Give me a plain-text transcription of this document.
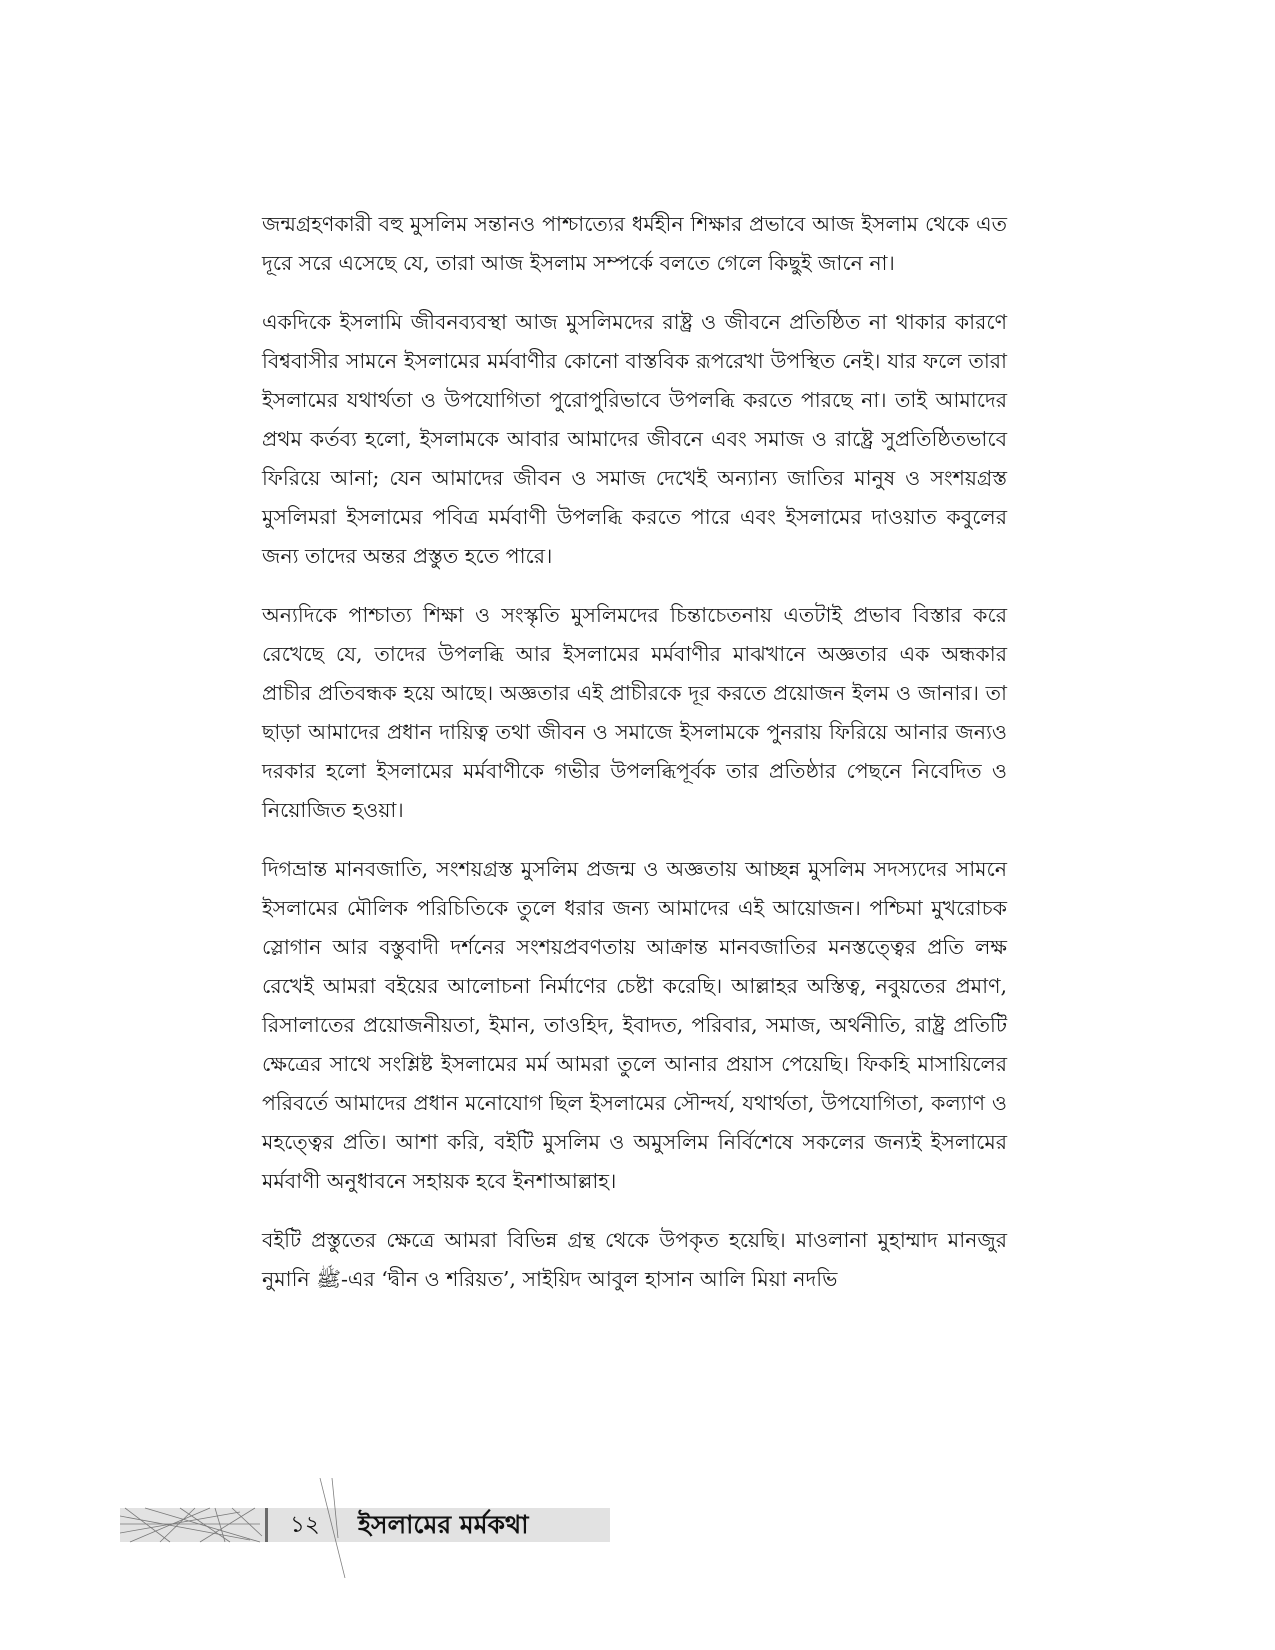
জন্মগ্রহণকারী বহু মুসলিম সন্তানও পাশ্চাত্যের ধর্মহীন শিক্ষার প্রভাবে আজ ইসলাম থেকে এত দূরে সরে এসেছে যে, তারা আজ ইসলাম সম্পর্কে বলতে গেলে কিছুই জানে না।

একদিকে ইসলামি জীবনব্যবস্থা আজ মুসলিমদের রাষ্ট্র ও জীবনে প্রতিষ্ঠিত না থাকার কারণে বিশ্ববাসীর সামনে ইসলামের মর্মবাণীর কোনো বাস্তবিক রূপরেখা উপস্থিত নেই। যার ফলে তারা ইসলামের যথার্থতা ও উপযোগিতা পুরোপুরিভাবে উপলব্ধি করতে পারছে না। তাই আমাদের প্রথম কর্তব্য হলো, ইসলামকে আবার আমাদের জীবনে এবং সমাজ ও রাষ্ট্রে সুপ্রতিষ্ঠিতভাবে ফিরিয়ে আনা; যেন আমাদের জীবন ও সমাজ দেখেই অন্যান্য জাতির মানুষ ও সংশয়গ্রস্ত মুসলিমরা ইসলামের পবিত্র মর্মবাণী উপলব্ধি করতে পারে এবং ইসলামের দাওয়াত কবুলের জন্য তাদের অন্তর প্রস্তুত হতে পারে।

অন্যদিকে পাশ্চাত্য শিক্ষা ও সংস্কৃতি মুসলিমদের চিন্তাচেতনায় এতটাই প্রভাব বিস্তার করে রেখেছে যে, তাদের উপলব্ধি আর ইসলামের মর্মবাণীর মাঝখানে অজ্ঞতার এক অন্ধকার প্রাচীর প্রতিবন্ধক হয়ে আছে। অজ্ঞতার এই প্রাচীরকে দূর করতে প্রয়োজন ইলম ও জানার। তা ছাড়া আমাদের প্রধান দায়িত্ব তথা জীবন ও সমাজে ইসলামকে পুনরায় ফিরিয়ে আনার জন্যও দরকার হলো ইসলামের মর্মবাণীকে গভীর উপলব্ধিপূর্বক তার প্রতিষ্ঠার পেছনে নিবেদিত ও নিয়োজিত হওয়া।

দিগভ্রান্ত মানবজাতি, সংশয়গ্রস্ত মুসলিম প্রজন্ম ও অজ্ঞতায় আচ্ছন্ন মুসলিম সদস্যদের সামনে ইসলামের মৌলিক পরিচিতিকে তুলে ধরার জন্য আমাদের এই আয়োজন। পশ্চিমা মুখরোচক স্লোগান আর বস্তুবাদী দর্শনের সংশয়প্রবণতায় আক্রান্ত মানবজাতির মনস্তত্ত্বের প্রতি লক্ষ রেখেই আমরা বইয়ের আলোচনা নির্মাণের চেষ্টা করেছি। আল্লাহর অস্তিত্ব, নবুয়তের প্রমাণ, রিসালাতের প্রয়োজনীয়তা, ইমান, তাওহিদ, ইবাদত, পরিবার, সমাজ, অর্থনীতি, রাষ্ট্র প্রতিটি ক্ষেত্রের সাথে সংশ্লিষ্ট ইসলামের মর্ম আমরা তুলে আনার প্রয়াস পেয়েছি। ফিকহি মাসায়িলের পরিবর্তে আমাদের প্রধান মনোযোগ ছিল ইসলামের সৌন্দর্য, যথার্থতা, উপযোগিতা, কল্যাণ ও মহত্ত্বের প্রতি। আশা করি, বইটি মুসলিম ও অমুসলিম নির্বিশেষে সকলের জন্যই ইসলামের মর্মবাণী অনুধাবনে সহায়ক হবে ইনশাআল্লাহ।

বইটি প্রস্তুতের ক্ষেত্রে আমরা বিভিন্ন গ্রন্থ থেকে উপকৃত হয়েছি। মাওলানা মুহাম্মাদ মানজুর নুমানি ﷺ-এর ‘দ্বীন ও শরিয়ত’, সাইয়িদ আবুল হাসান আলি মিয়া নদভি

১২ ইসলামের মর্মকথা
